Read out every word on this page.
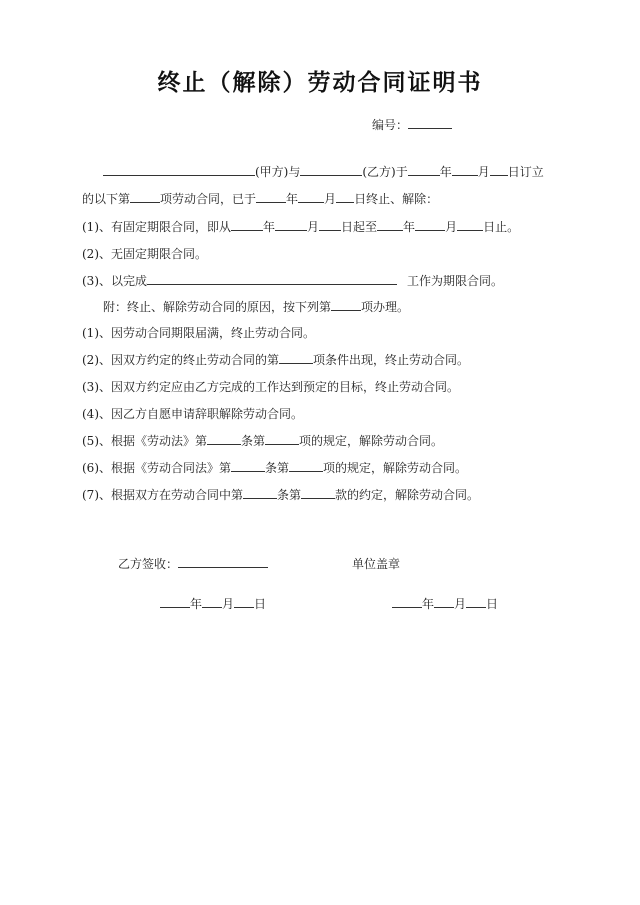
终止（解除）劳动合同证明书
编号：
(甲方)与	(乙方)于	年 月 日订立
的以下第	项劳动合同，已于	年 月 日终止、解除：
(1)、有固定期限合同，即从	年	月 日起至 年	月 日止。
(2)、无固定期限合同。
(3)、以完成	工作为期限合同。
附：终止、解除劳动合同的原因，按下列第	项办理。
(1)、因劳动合同期限届满，终止劳动合同。
(2)、因双方约定的终止劳动合同的第	项条件出现，终止劳动合同。
(3)、因双方约定应由乙方完成的工作达到预定的目标，终止劳动合同。
(4)、因乙方自愿申请辞职解除劳动合同。
(5)、根据《劳动法》第	条第	项的规定，解除劳动合同。
(6)、根据《劳动合同法》第	条第	项的规定，解除劳动合同。
(7)、根据双方在劳动合同中第	条第	款的约定，解除劳动合同。
乙方签收：	单位盖章
年 月 日	年 月 日
